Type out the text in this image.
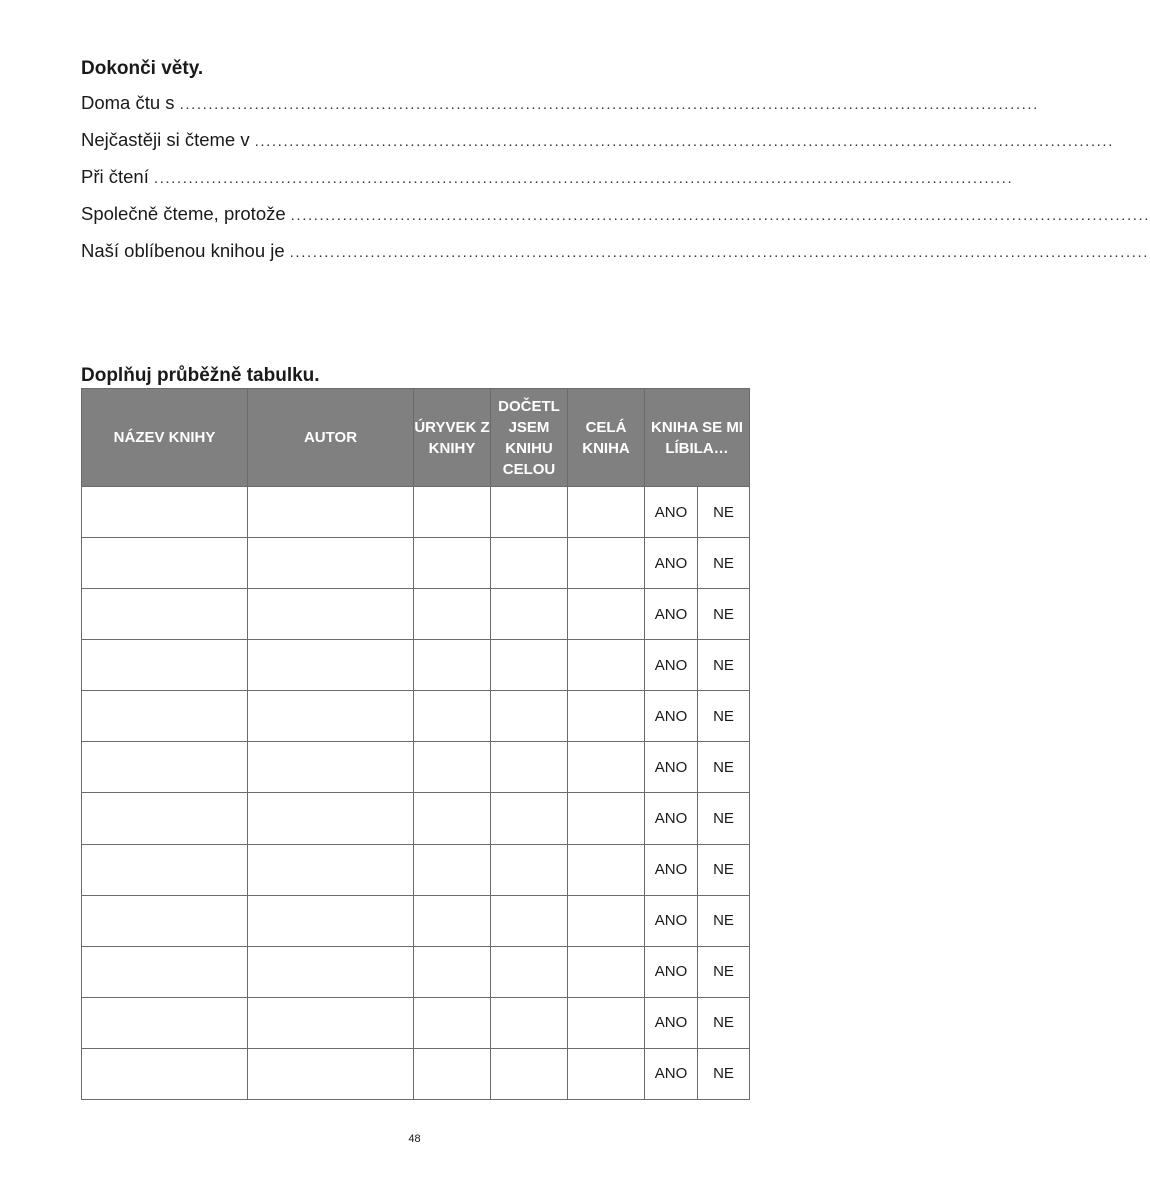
Dokonči věty.
Doma čtu s .....................................................................................................................................................
Nejčastěji si čteme v .....................................................................................................................................................
Při čtení .....................................................................................................................................................
Společně čteme, protože .....................................................................................................................................................
Naší oblíbenou knihou je .....................................................................................................................................................
Doplňuj průběžně tabulku.
NÁZEV KNIHY	AUTOR	ÚRYVEK Z KNIHY	DOČETL JSEM KNIHU CELOU	CELÁ KNIHA	KNIHA SE MI LÍBILA…	
					ANO	NE
					ANO	NE
					ANO	NE
					ANO	NE
					ANO	NE
					ANO	NE
					ANO	NE
					ANO	NE
					ANO	NE
					ANO	NE
					ANO	NE
					ANO	NE
48
